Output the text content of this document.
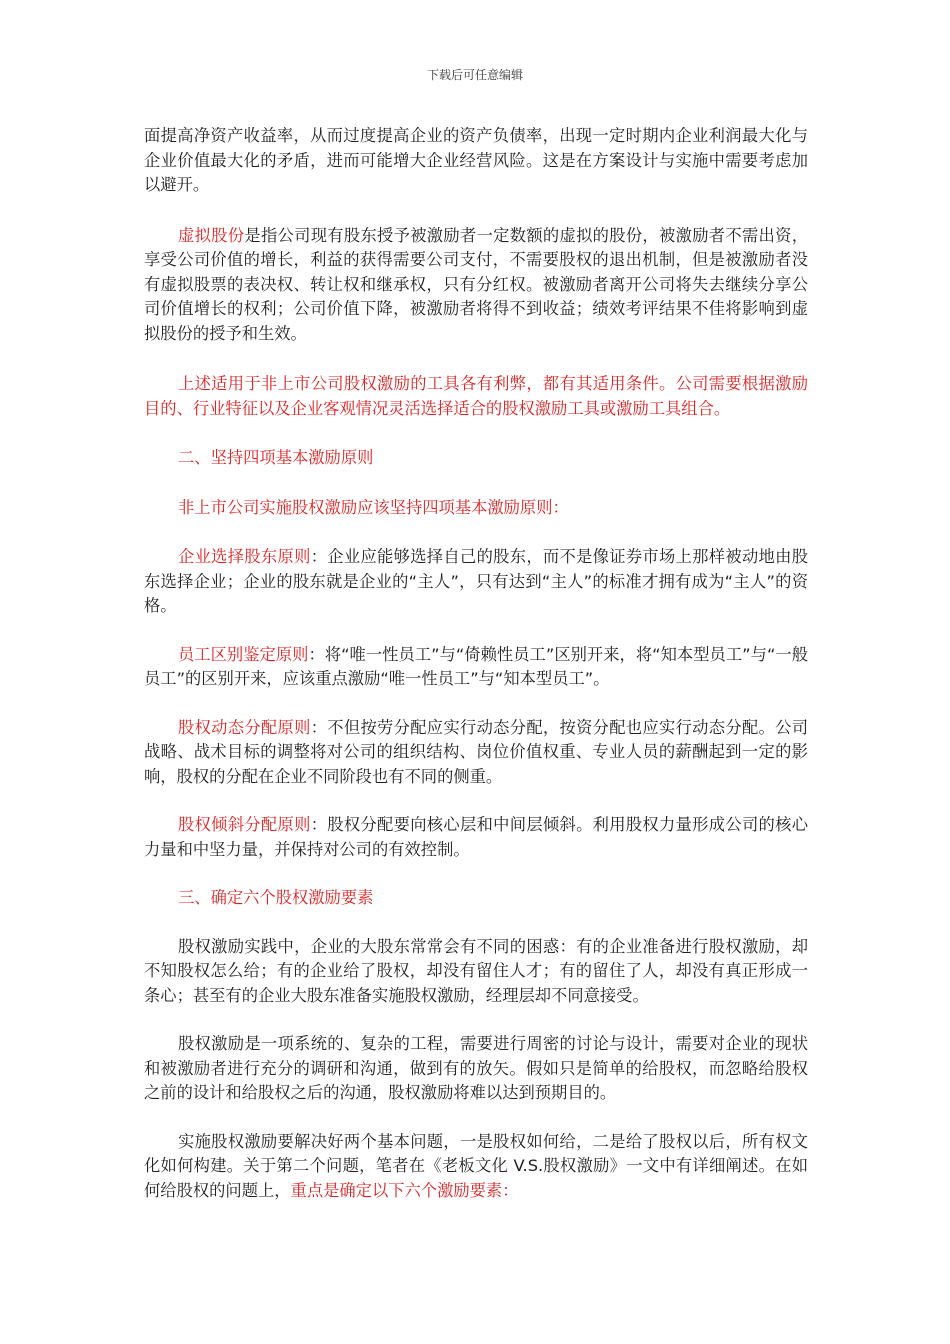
下载后可任意编辑

面提高净资产收益率，从而过度提高企业的资产负债率，出现一定时期内企业利润最大化与企业价值最大化的矛盾，进而可能增大企业经营风险。这是在方案设计与实施中需要考虑加以避开。

虚拟股份是指公司现有股东授予被激励者一定数额的虚拟的股份，被激励者不需出资，享受公司价值的增长，利益的获得需要公司支付，不需要股权的退出机制，但是被激励者没有虚拟股票的表决权、转让权和继承权，只有分红权。被激励者离开公司将失去继续分享公司价值增长的权利；公司价值下降，被激励者将得不到收益；绩效考评结果不佳将影响到虚拟股份的授予和生效。

上述适用于非上市公司股权激励的工具各有利弊，都有其适用条件。公司需要根据激励目的、行业特征以及企业客观情况灵活选择适合的股权激励工具或激励工具组合。

二、坚持四项基本激励原则

非上市公司实施股权激励应该坚持四项基本激励原则：

企业选择股东原则：企业应能够选择自己的股东，而不是像证券市场上那样被动地由股东选择企业；企业的股东就是企业的“主人”，只有达到“主人”的标准才拥有成为“主人”的资格。

员工区别鉴定原则：将“唯一性员工”与“倚赖性员工”区别开来，将“知本型员工”与“一般员工”的区别开来，应该重点激励“唯一性员工”与“知本型员工”。

股权动态分配原则：不但按劳分配应实行动态分配，按资分配也应实行动态分配。公司战略、战术目标的调整将对公司的组织结构、岗位价值权重、专业人员的薪酬起到一定的影响，股权的分配在企业不同阶段也有不同的侧重。

股权倾斜分配原则：股权分配要向核心层和中间层倾斜。利用股权力量形成公司的核心力量和中坚力量，并保持对公司的有效控制。

三、确定六个股权激励要素

股权激励实践中，企业的大股东常常会有不同的困惑：有的企业准备进行股权激励，却不知股权怎么给；有的企业给了股权，却没有留住人才；有的留住了人，却没有真正形成一条心；甚至有的企业大股东准备实施股权激励，经理层却不同意接受。

股权激励是一项系统的、复杂的工程，需要进行周密的讨论与设计，需要对企业的现状和被激励者进行充分的调研和沟通，做到有的放矢。假如只是简单的给股权，而忽略给股权之前的设计和给股权之后的沟通，股权激励将难以达到预期目的。

实施股权激励要解决好两个基本问题，一是股权如何给，二是给了股权以后，所有权文化如何构建。关于第二个问题，笔者在《老板文化 V.S.股权激励》一文中有详细阐述。在如何给股权的问题上，重点是确定以下六个激励要素：
